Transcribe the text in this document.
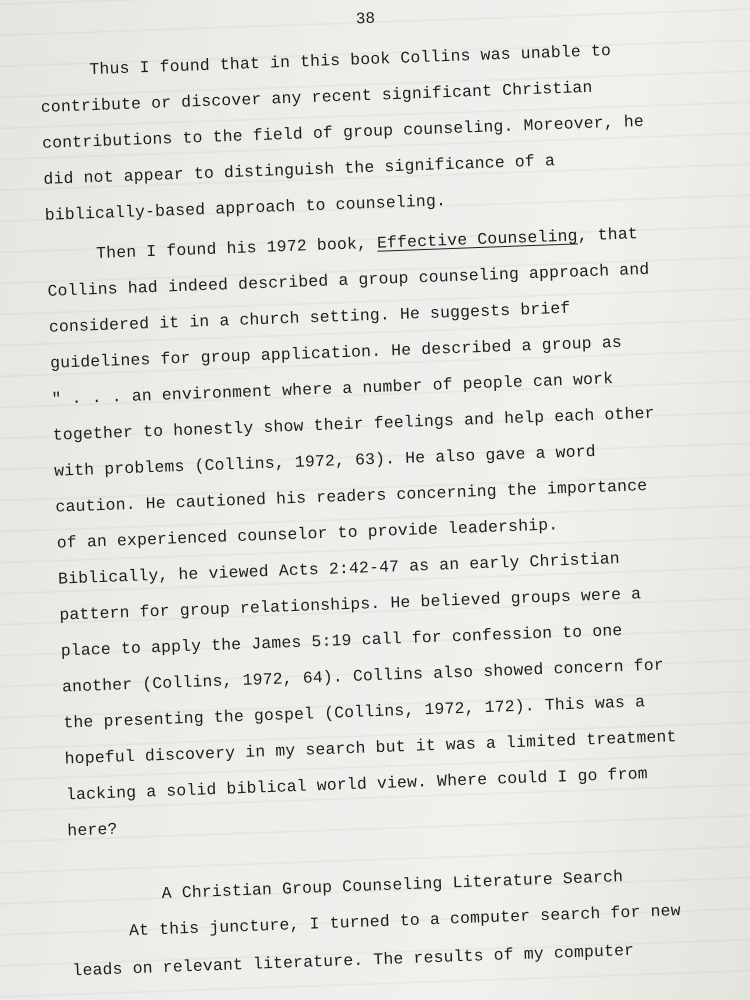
38
Thus I found that in this book Collins was unable to
contribute or discover any recent significant Christian
contributions to the field of group counseling. Moreover, he
did not appear to distinguish the significance of a
biblically-based approach to counseling.
Then I found his 1972 book, Effective Counseling, that
Collins had indeed described a group counseling approach and
considered it in a church setting. He suggests brief
guidelines for group application. He described a group as
" . . . an environment where a number of people can work
together to honestly show their feelings and help each other
with problems (Collins, 1972, 63). He also gave a word
caution. He cautioned his readers concerning the importance
of an experienced counselor to provide leadership.
Biblically, he viewed Acts 2:42-47 as an early Christian
pattern for group relationships. He believed groups were a
place to apply the James 5:19 call for confession to one
another (Collins, 1972, 64). Collins also showed concern for
the presenting the gospel (Collins, 1972, 172). This was a
hopeful discovery in my search but it was a limited treatment
lacking a solid biblical world view. Where could I go from
here?
A Christian Group Counseling Literature Search
At this juncture, I turned to a computer search for new
leads on relevant literature. The results of my computer
